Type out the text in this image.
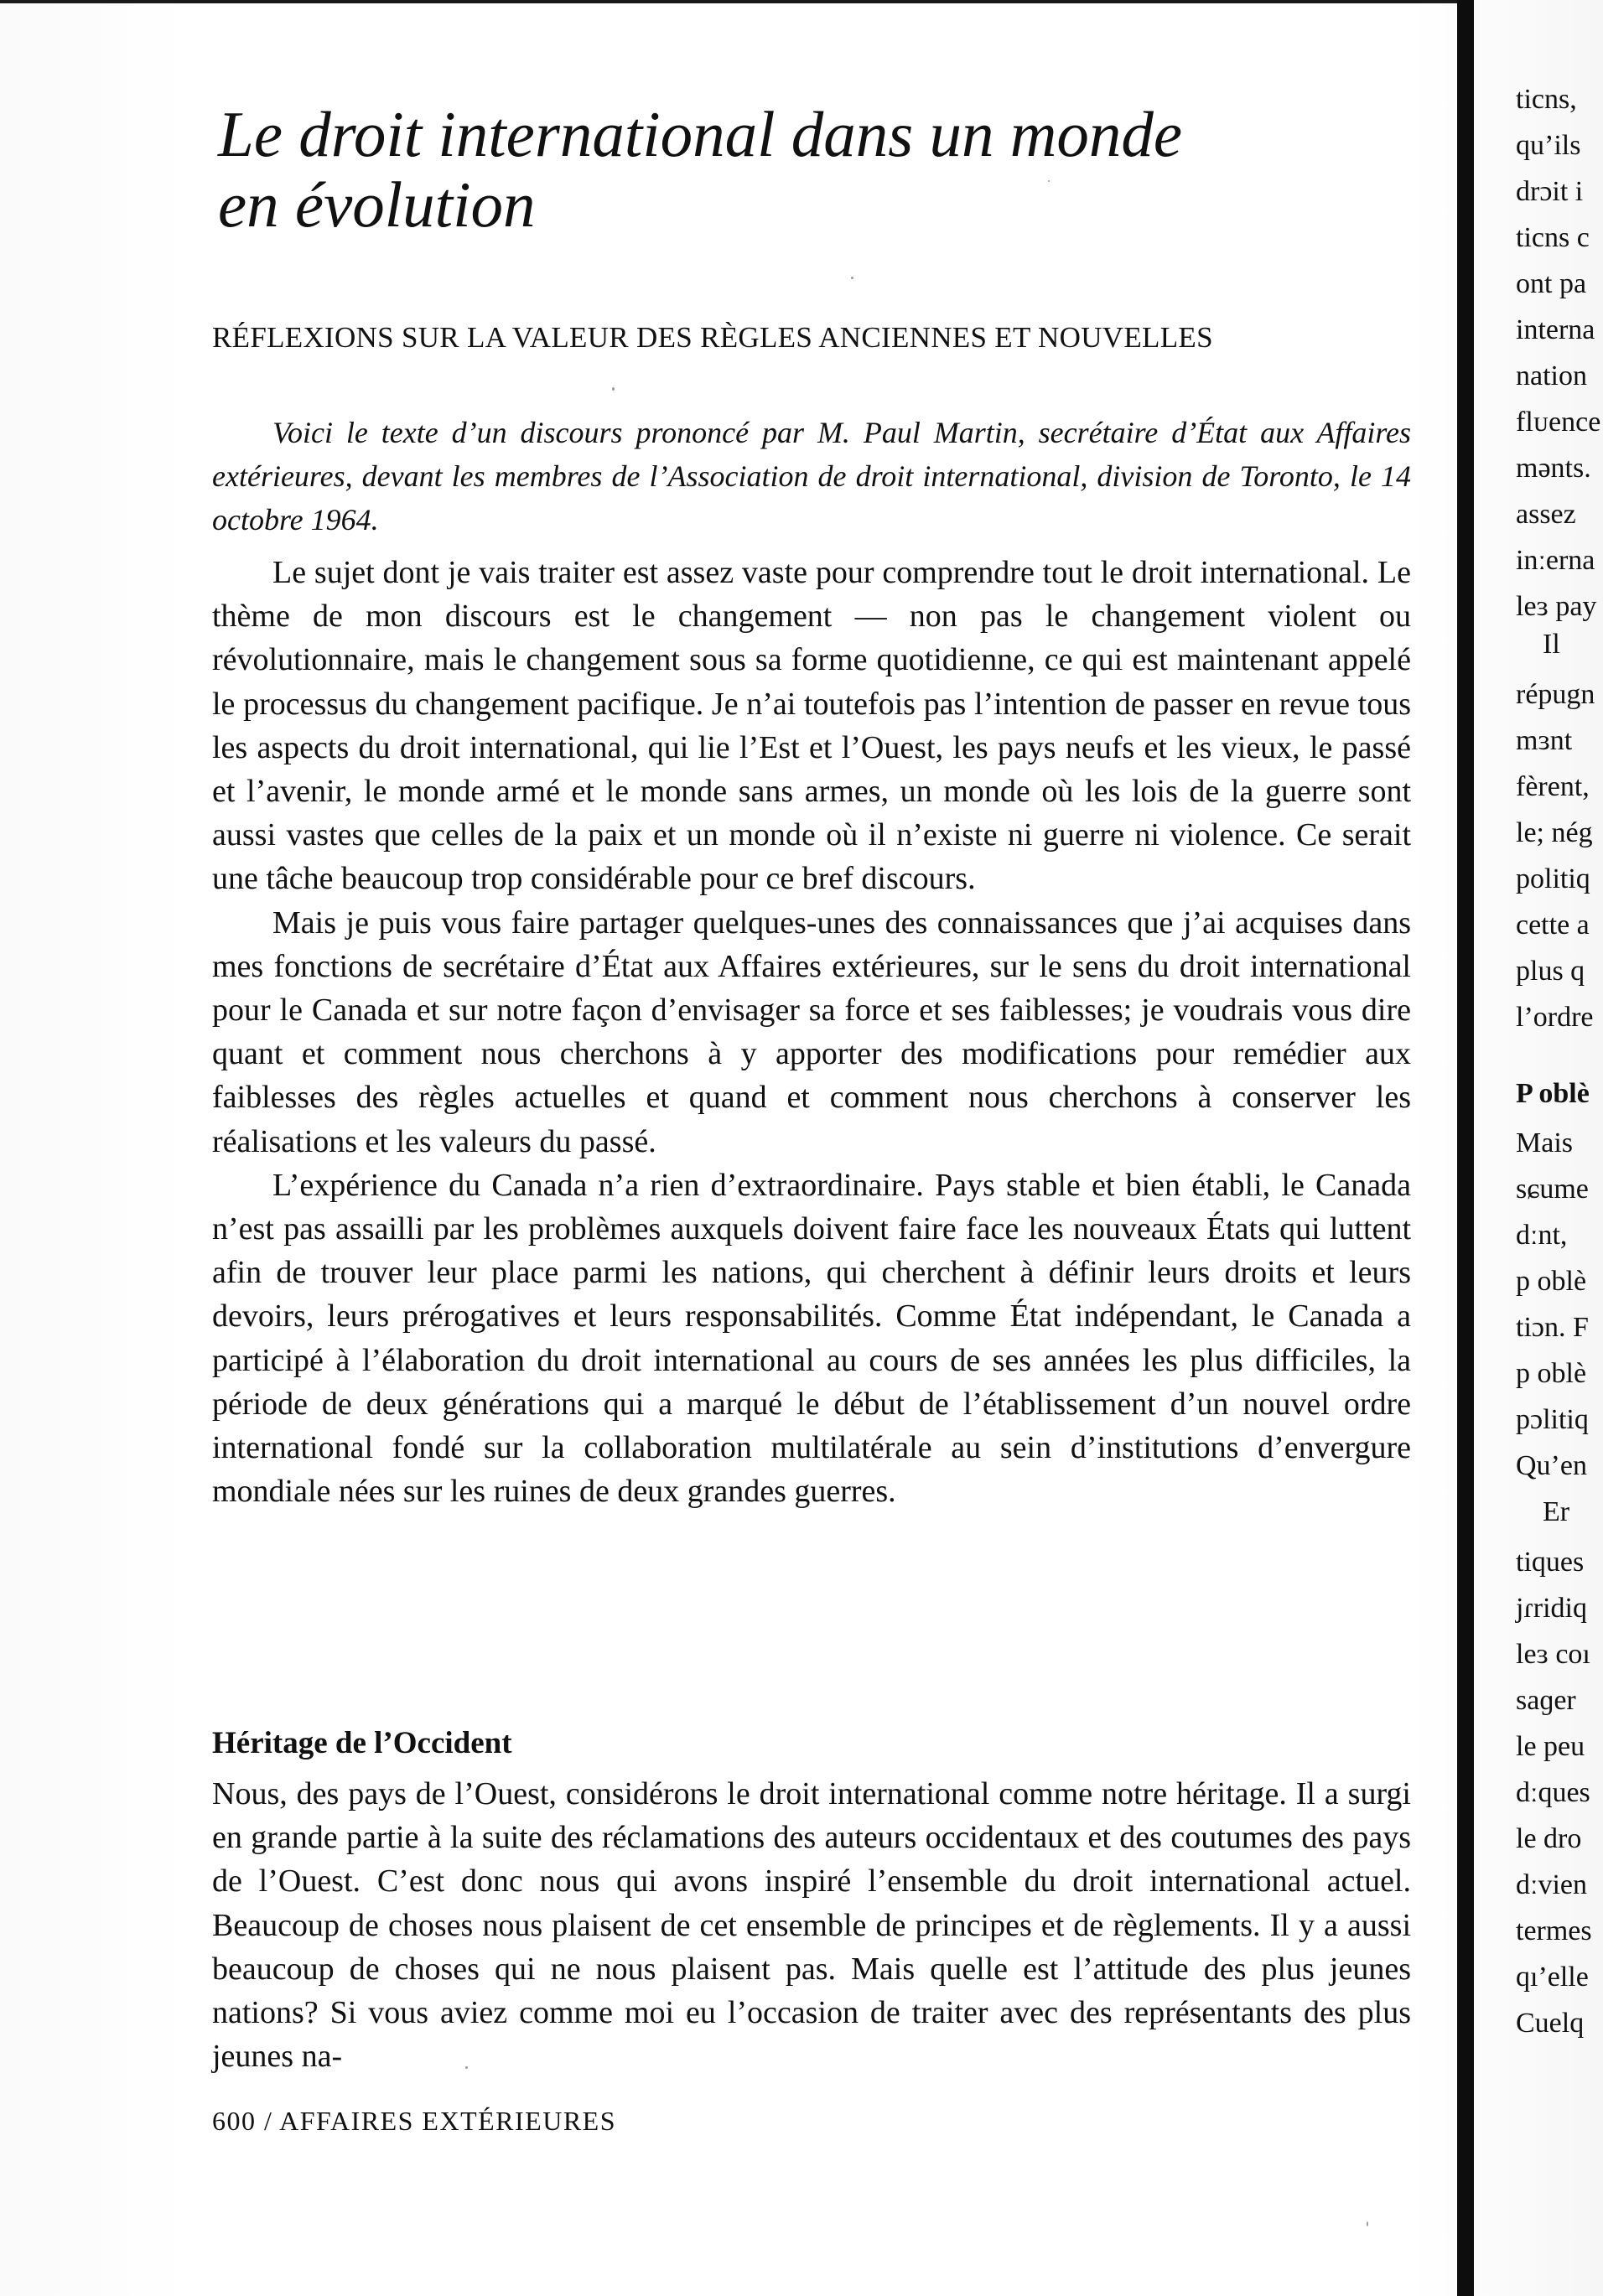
Le droit international dans un monde
en évolution
RÉFLEXIONS SUR LA VALEUR DES RÈGLES ANCIENNES ET NOUVELLES

Voici le texte d’un discours prononcé par M. Paul Martin, secrétaire d’État aux Affaires extérieures, devant les membres de l’Association de droit international, division de Toronto, le 14 octobre 1964.

Le sujet dont je vais traiter est assez vaste pour comprendre tout le droit international. Le thème de mon discours est le changement — non pas le changement violent ou révolutionnaire, mais le changement sous sa forme quotidienne, ce qui est maintenant appelé le processus du changement pacifique. Je n’ai toutefois pas l’intention de passer en revue tous les aspects du droit international, qui lie l’Est et l’Ouest, les pays neufs et les vieux, le passé et l’avenir, le monde armé et le monde sans armes, un monde où les lois de la guerre sont aussi vastes que celles de la paix et un monde où il n’existe ni guerre ni violence. Ce serait une tâche beaucoup trop considérable pour ce bref discours.

Mais je puis vous faire partager quelques-unes des connaissances que j’ai acquises dans mes fonctions de secrétaire d’État aux Affaires extérieures, sur le sens du droit international pour le Canada et sur notre façon d’envisager sa force et ses faiblesses; je voudrais vous dire quant et comment nous cherchons à y apporter des modifications pour remédier aux faiblesses des règles actuelles et quand et comment nous cherchons à conserver les réalisations et les valeurs du passé.

L’expérience du Canada n’a rien d’extraordinaire. Pays stable et bien établi, le Canada n’est pas assailli par les problèmes auxquels doivent faire face les nouveaux États qui luttent afin de trouver leur place parmi les nations, qui cherchent à définir leurs droits et leurs devoirs, leurs prérogatives et leurs responsabilités. Comme État indépendant, le Canada a participé à l’élaboration du droit international au cours de ses années les plus difficiles, la période de deux générations qui a marqué le début de l’établissement d’un nouvel ordre international fondé sur la collaboration multilatérale au sein d’institutions d’envergure mondiale nées sur les ruines de deux grandes guerres.

Héritage de l’Occident

Nous, des pays de l’Ouest, considérons le droit international comme notre héritage. Il a surgi en grande partie à la suite des réclamations des auteurs occidentaux et des coutumes des pays de l’Ouest. C’est donc nous qui avons inspiré l’ensemble du droit international actuel. Beaucoup de choses nous plaisent de cet ensemble de principes et de règlements. Il y a aussi beaucoup de choses qui ne nous plaisent pas. Mais quelle est l’attitude des plus jeunes nations? Si vous aviez comme moi eu l’occasion de traiter avec des représentants des plus jeunes na-

600 / AFFAIRES EXTÉRIEURES
ticns,
qu’ils
drɔit i
ticns c
ont pa
interna
nation
flᴜence
mənts.
assez
inːerna
leɜ pay
Il
répugn
mɜnt
fèrent,
le; nég
politiq
cette a
plus q
l’ordre
P oblè
Mais
sɕume
dːnt,
p oblè
tiɔn. F
p oblè
pɔlitiq
Qu’en
Er
tiques
jɾridiq
leɜ coı
saɡer
le peu
dːques
le dro
dːvien
termes
qı’elle
Cuelq
